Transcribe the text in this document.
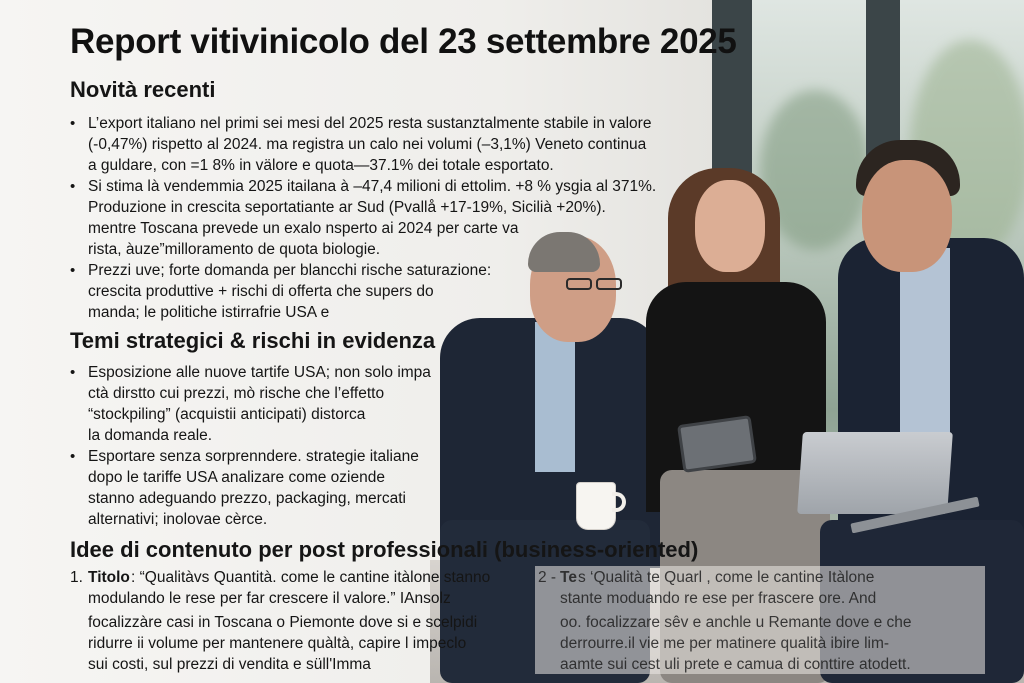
Report vitivinicolo del 23 settembre 2025
Novità recenti
• L’export italiano nel primi sei mesi del 2025 resta sustanztalmente stabile in valore
(-0,47%) rispetto al 2024. ma registra un calo nei volumi (–3,1%) Veneto continua
a guldare, con =1 8% in välore e quota—37.1% dei totale esportato.
• Si stima là vendemmia 2025 itailana à –47,4 milioni di ettolim. +8 % ysgia al 371%.
Produzione in crescita seportatiante ar Sud (Pvallå +17-19%, Sicilià +20%).
mentre Toscana prevede un exalo nsperto ai 2024 per carte va
rista, àuze”milloramento de quota biologie.
• Prezzi uve; forte domanda per blancchi rische saturazione:
crescita produttive + rischi di offerta che supers do
manda; le politiche istirrafrie USA e
Temi strategici & rischi in evidenza
• Esposizione alle nuove tartife USA; non solo impa
ctà dirstto cui prezzi, mò rische che l’effetto
“stockpiling” (acquistii anticipati) distorca
la domanda reale.
• Esportare senza sorprenndere. strategie italiane
dopo le tariffe USA analizare come oziende
stanno adeguando prezzo, packaging, mercati
alternativi; inolovae cèrce.
Idee di contenuto per post professionali (business-oriented)
1. Titolo : “Qualitàvs Quantità. come le cantine itàlone stanno
modulando le rese per far crescere il valore.” IAnsolz
focalizzàre casi in Toscana o Piemonte dove si e scelpidi
ridurre ii volume per mantenere quàltà, capire l impeclo
sui costi, sul prezzi di vendita e süll'Imma
2 - Te s ‘Qualità te Quarl , come le cantine Itàlone
stante moduando re ese per frascere ore. And
oo. focalizzare sêv e anchle u Remante dove e che
derrourre.il vie me per matinere qualità ibire lim-
aamte sui cest uli prete e camua di conttire atodett.
